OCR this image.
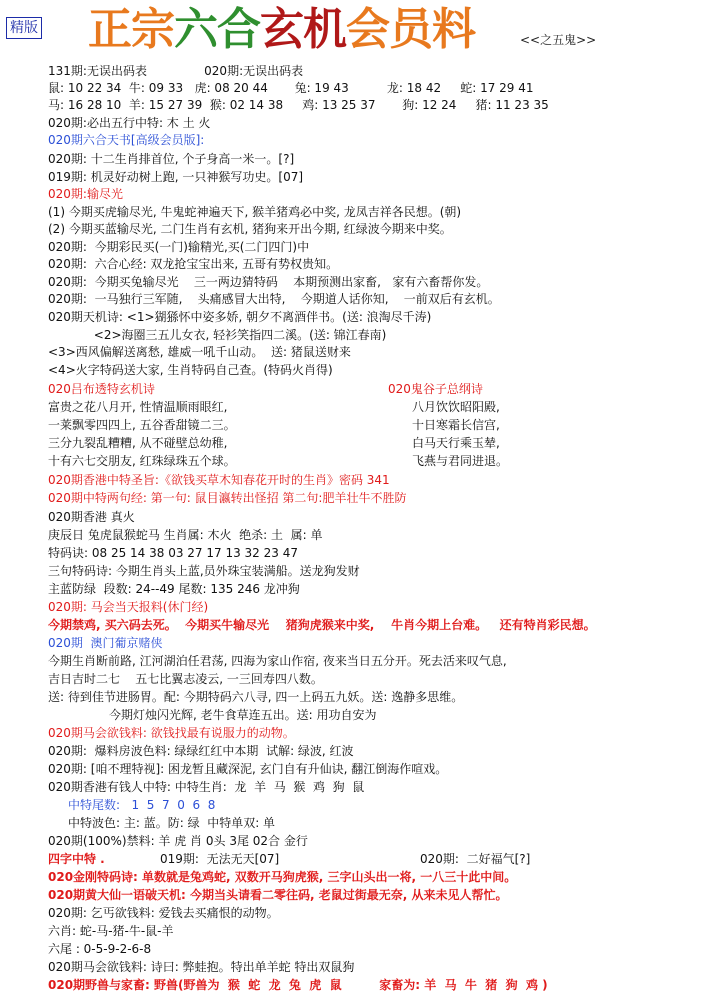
精版 正宗六合玄机会员料	<<之五鬼>>
131期:无误出码表               020期:无误出码表
鼠: 10 22 34  牛: 09 33   虎: 08 20 44       兔: 19 43          龙: 18 42     蛇: 17 29 41
马: 16 28 10  羊: 15 27 39  猴: 02 14 38     鸡: 13 25 37       狗: 12 24     猪: 11 23 35
020期:必出五行中特: 木 土 火
020期六合天书[高级会员版]:
020期: 十二生肖排首位, 个子身高一米一。[?]
019期: 机灵好动树上跑, 一只神猴写功史。[07]
020期:输尽光
(1) 今期买虎输尽光, 牛鬼蛇神遍天下, 猴羊猪鸡必中奖, 龙凤吉祥各民想。(朝)
(2) 今期买蓝输尽光, 二门生肖有玄机, 猪狗来开出今期, 红绿波今期来中奖。
020期:  今期彩民买(一门)输精光,买(二门四门)中
020期:  六合心经: 双龙抢宝宝出来, 五哥有势权贵知。
020期:  今期买兔输尽光    三一两边猜特码    本期预测出家畜,   家有六畜帮你发。
020期:  一马独行三军随,    头痛感冒大出特,    今期道人话你知,    一前双后有玄机。
020期天机诗: <1>猢猻怀中姿多娇, 朝夕不离酒伴书。(送: 浪淘尽千涛)
<2>海圈三五儿女衣, 轻衫笑指四二溪。(送: 锦江春南)
<3>西风偏解送离愁, 雄威一吼千山动。  送: 猪鼠送财来
<4>火字特码送大家, 生肖特码自己查。(特码火肖得)
020吕布透特玄机诗	020鬼谷子总纲诗
富贵之花八月开, 性情温顺雨眼红,	八月饮饮昭阳殿,
一莱飘零四四上, 五谷香甜镜二三。	十日寒霜长信宫,
三分九裂乱糟糟, 从不碰壁总幼稚,	白马天行乘玉辇,
十有六七交朋友, 红珠绿珠五个球。	飞燕与君同进退。
020期香港中特圣旨:《欲钱买草木知春花开时的生肖》密码 341
020期中特两句经: 第一句: 鼠目瀛转出怪招 第二句:肥羊壮牛不胜防
020期香港 真火
庚辰日 兔虎鼠猴蛇马 生肖属: 木火  绝杀: 土  属: 单
特码诀: 08 25 14 38 03 27 17 13 32 23 47
三句特码诗: 今期生肖头上蓝,员外珠宝装满船。送龙狗发财
主蓝防绿  段数: 24--49 尾数: 135 246 龙冲狗
020期: 马会当天报料(休门经)
今期禁鸡, 买六码去死。  今期买牛输尽光    猪狗虎猴来中奖,    牛肖今期上台难。   还有特肖彩民想。
020期  澳门葡京赌侠
今期生肖断前路, 江河湖泊任君荡, 四海为家山作宿, 夜来当日五分开。死去活来叹气息,
吉日吉时二七    五七比翼志凌云, 一三回寿四八数。
送: 待到佳节进肠胃。配: 今期特码六八寻, 四一上码五九妖。送: 逸静多思维。
今期灯烛闪光辉, 老牛食草连五出。送: 用功自安为
020期马会欲钱料: 欲钱找最有说服力的动物。
020期:  爆料房波色料: 绿绿红红中本期  试解: 绿波, 红波
020期: [咱不理特视]: 困龙暂且藏深泥, 玄门自有升仙诀, 翻江倒海作喧戏。
020期香港有钱人中特: 中特生肖:  龙  羊  马  猴  鸡  狗  鼠
中特尾数:   1  5  7  0  6  8
中特波色: 主: 蓝。防: 绿  中特单双: 单
020期(100%)禁料: 羊 虎 肖 0头 3尾 02合 金行
四字中特 .	019期:  无法无天[07]	020期:  二好福气[?]
020金刚特码诗: 单数就是兔鸡蛇, 双数开马狗虎猴, 三字山头出一将, 一八三十此中间。
020期黄大仙一语破天机: 今期当头请看二零往码, 老鼠过街最无奈, 从来未见人帮忙。
020期: 乞丐欲钱料: 爱钱去买痛恨的动物。
六肖: 蛇-马-猪-牛-鼠-羊
六尾 : 0-5-9-2-6-8
020期马会欲钱料: 诗曰: 弊蛙抱。特出单羊蛇 特出双鼠狗
020期野兽与家畜: 野兽(野兽为  猴  蛇  龙  兔  虎  鼠         家畜为: 羊  马  牛  猪  狗  鸡 )
